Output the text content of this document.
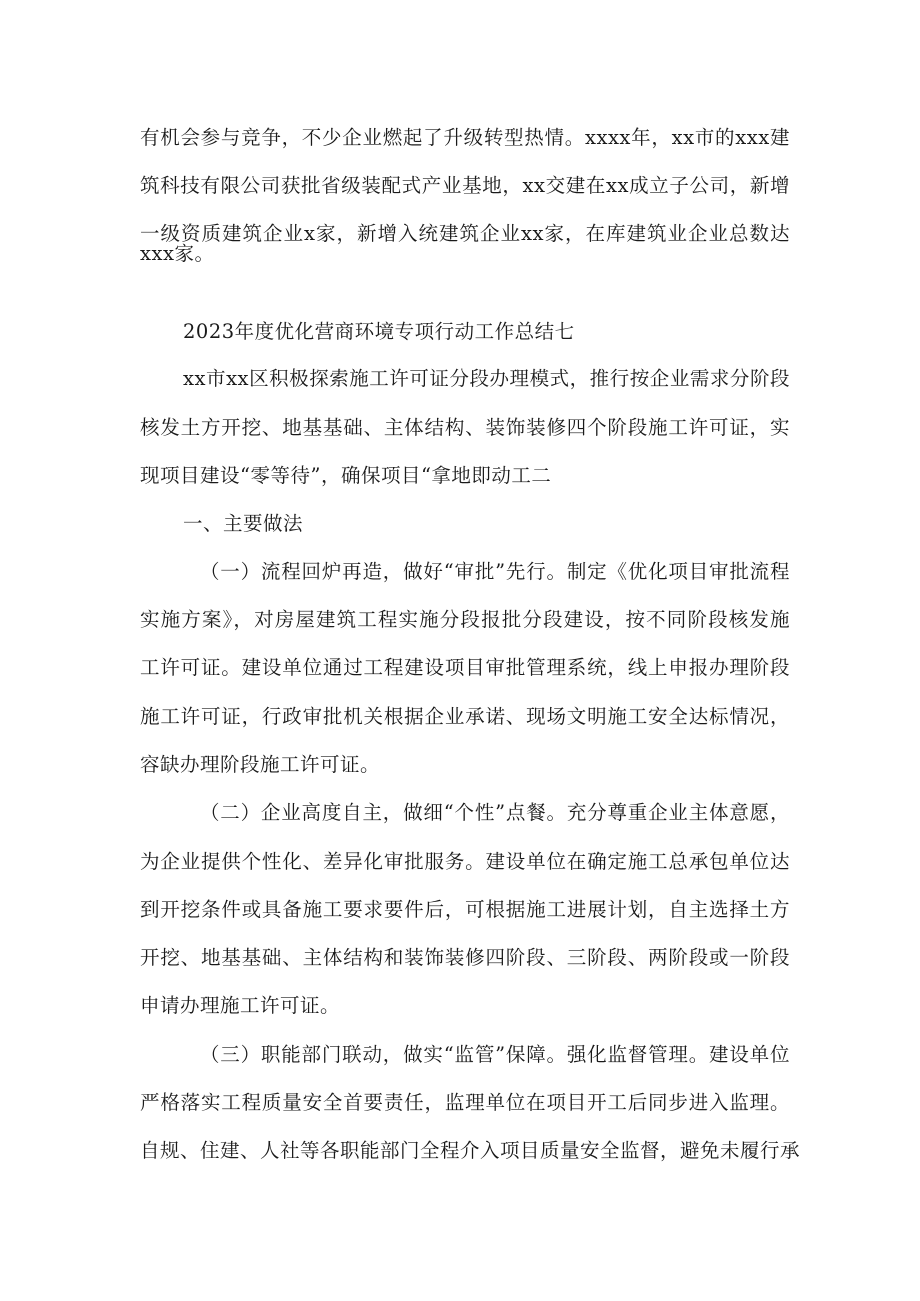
有机会参与竞争，不少企业燃起了升级转型热情。xxxx年，xx市的xxx建
筑科技有限公司获批省级装配式产业基地，xx交建在xx成立子公司，新增
一级资质建筑企业x家，新增入统建筑企业xx家，在库建筑业企业总数达
xxx家。
2023年度优化营商环境专项行动工作总结七
xx市xx区积极探索施工许可证分段办理模式，推行按企业需求分阶段
核发土方开挖、地基基础、主体结构、装饰装修四个阶段施工许可证，实
现项目建设“零等待”，确保项目“拿地即动工二
一、主要做法
（一）流程回炉再造，做好“审批”先行。制定《优化项目审批流程
实施方案》，对房屋建筑工程实施分段报批分段建设，按不同阶段核发施
工许可证。建设单位通过工程建设项目审批管理系统，线上申报办理阶段
施工许可证，行政审批机关根据企业承诺、现场文明施工安全达标情况，
容缺办理阶段施工许可证。
（二）企业高度自主，做细“个性”点餐。充分尊重企业主体意愿，
为企业提供个性化、差异化审批服务。建设单位在确定施工总承包单位达
到开挖条件或具备施工要求要件后，可根据施工进展计划，自主选择土方
开挖、地基基础、主体结构和装饰装修四阶段、三阶段、两阶段或一阶段
申请办理施工许可证。
（三）职能部门联动，做实“监管”保障。强化监督管理。建设单位
严格落实工程质量安全首要责任，监理单位在项目开工后同步进入监理。
自规、住建、人社等各职能部门全程介入项目质量安全监督，避免未履行承
